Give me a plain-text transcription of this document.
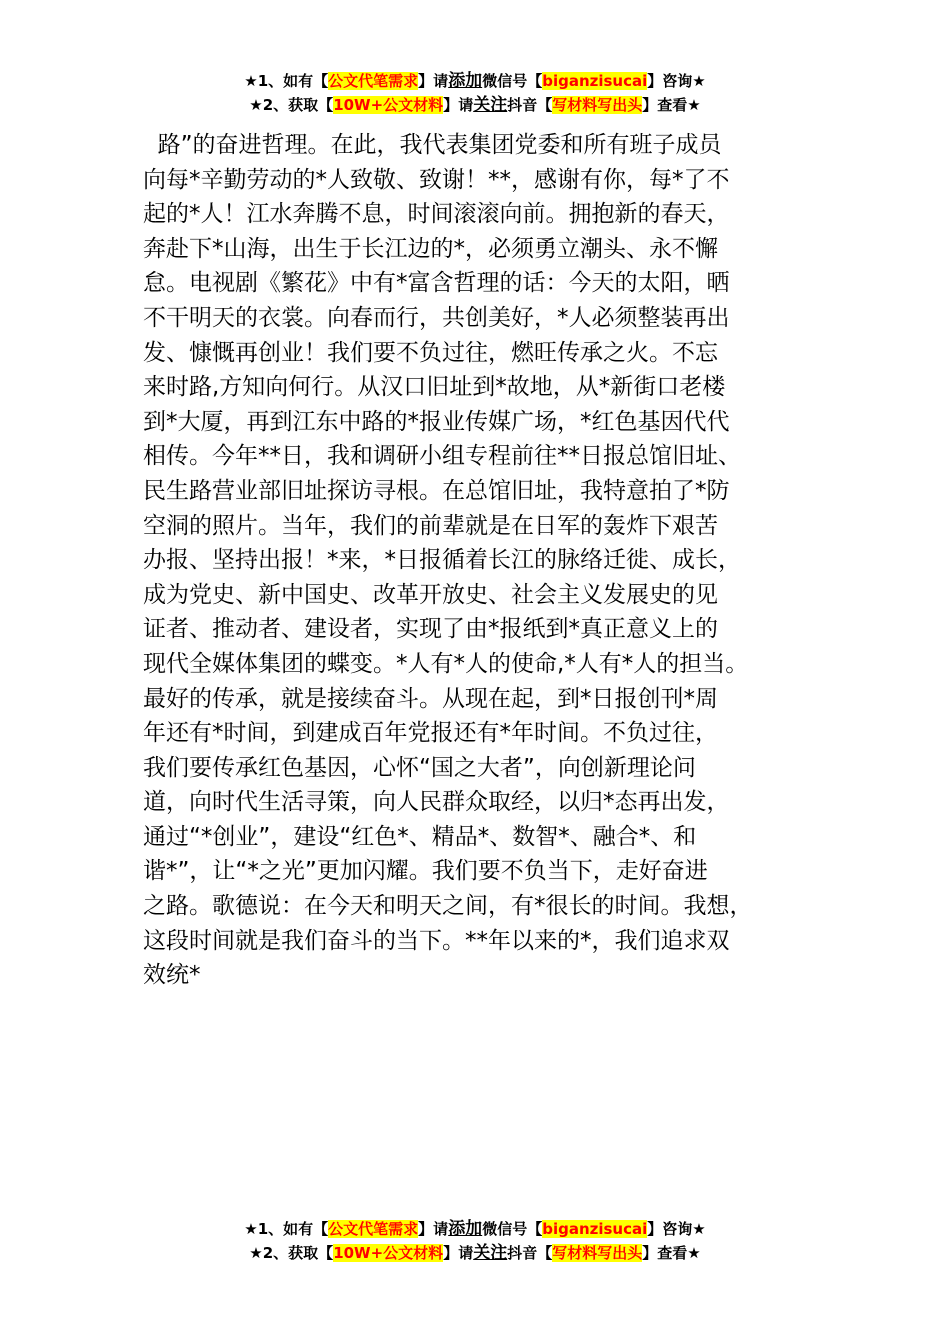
★1、如有【公文代笔需求】请添加微信号【biganzisucai】咨询★
★2、获取【10W+公文材料】请关注抖音【写材料写出头】查看★
路”的奋进哲理。在此，我代表集团党委和所有班子成员
向每*辛勤劳动的*人致敬、致谢！**，感谢有你，每*了不
起的*人！江水奔腾不息，时间滚滚向前。拥抱新的春天，
奔赴下*山海，出生于长江边的*，必须勇立潮头、永不懈
怠。电视剧《繁花》中有*富含哲理的话：今天的太阳，晒
不干明天的衣裳。向春而行，共创美好，*人必须整装再出
发、慷慨再创业！我们要不负过往，燃旺传承之火。不忘
来时路,方知向何行。从汉口旧址到*故地，从*新街口老楼
到*大厦，再到江东中路的*报业传媒广场，*红色基因代代
相传。今年**日，我和调研小组专程前往**日报总馆旧址、
民生路营业部旧址探访寻根。在总馆旧址，我特意拍了*防
空洞的照片。当年，我们的前辈就是在日军的轰炸下艰苦
办报、坚持出报！*来，*日报循着长江的脉络迁徙、成长，
成为党史、新中国史、改革开放史、社会主义发展史的见
证者、推动者、建设者，实现了由*报纸到*真正意义上的
现代全媒体集团的蝶变。*人有*人的使命,*人有*人的担当。
最好的传承，就是接续奋斗。从现在起，到*日报创刊*周
年还有*时间，到建成百年党报还有*年时间。不负过往，
我们要传承红色基因，心怀“国之大者”，向创新理论问
道，向时代生活寻策，向人民群众取经，以归*态再出发，
通过“*创业”，建设“红色*、精品*、数智*、融合*、和
谐*”，让“*之光”更加闪耀。我们要不负当下，走好奋进
之路。歌德说：在今天和明天之间，有*很长的时间。我想，
这段时间就是我们奋斗的当下。**年以来的*，我们追求双
效统*
★1、如有【公文代笔需求】请添加微信号【biganzisucai】咨询★
★2、获取【10W+公文材料】请关注抖音【写材料写出头】查看★
